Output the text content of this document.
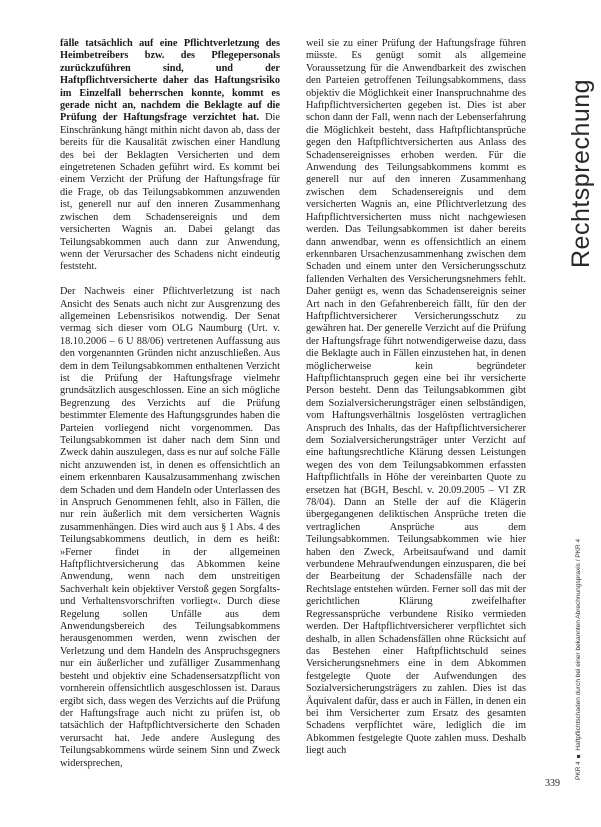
Rechtsprechung

fälle tatsächlich auf eine Pflichtverletzung des Heimbetreibers bzw. des Pflegepersonals zurückzuführen sind, und der Haftpflichtversicherte daher das Haftungsrisiko im Einzelfall beherrschen konnte, kommt es gerade nicht an, nachdem die Beklagte auf die Prüfung der Haftungsfrage verzichtet hat. Die Einschränkung hängt mithin nicht davon ab, dass der bereits für die Kausalität zwischen einer Handlung des bei der Beklagten Versicherten und dem eingetretenen Schaden geführt wird. Es kommt bei einem Verzicht der Prüfung der Haftungsfrage für die Frage, ob das Teilungsabkommen anzuwenden ist, generell nur auf den inneren Zusammenhang zwischen dem Schadensereignis und dem versicherten Wagnis an. Dabei gelangt das Teilungsabkommen auch dann zur Anwendung, wenn der Verursacher des Schadens nicht eindeutig feststeht.

Der Nachweis einer Pflichtverletzung ist nach Ansicht des Senats auch nicht zur Ausgrenzung des allgemeinen Lebensrisikos notwendig. Der Senat vermag sich dieser vom OLG Naumburg (Urt. v. 18.10.2006 – 6 U 88/06) vertretenen Auffassung aus den vorgenannten Gründen nicht anzuschließen. Aus dem in dem Teilungsabkommen enthaltenen Verzicht ist die Prüfung der Haftungsfrage vielmehr grundsätzlich ausgeschlossen. Eine an sich mögliche Begrenzung des Verzichts auf die Prüfung bestimmter Elemente des Haftungsgrundes haben die Parteien vorliegend nicht vorgenommen. Das Teilungsabkommen ist daher nach dem Sinn und Zweck dahin auszulegen, dass es nur auf solche Fälle nicht anzuwenden ist, in denen es offensichtlich an einem erkennbaren Kausalzusammenhang zwischen dem Schaden und dem Handeln oder Unterlassen des in Anspruch Genommenen fehlt, also in Fällen, die nur rein äußerlich mit dem versicherten Wagnis zusammenhängen. Dies wird auch aus § 1 Abs. 4 des Teilungsabkommens deutlich, in dem es heißt: »Ferner findet in der allgemeinen Haftpflichtversicherung das Abkommen keine Anwendung, wenn nach dem unstreitigen Sachverhalt kein objektiver Verstoß gegen Sorgfalts- und Verhaltensvorschriften vorliegt«. Durch diese Regelung sollen Unfälle aus dem Anwendungsbereich des Teilungsabkommens herausgenommen werden, wenn zwischen der Verletzung und dem Handeln des Anspruchsgegners nur ein äußerlicher und zufälliger Zusammenhang besteht und objektiv eine Schadensersatzpflicht von vornherein offensichtlich ausgeschlossen ist. Daraus ergibt sich, dass wegen des Verzichts auf die Prüfung der Haftungsfrage auch nicht zu prüfen ist, ob tatsächlich der Haftpflichtversicherte den Schaden verursacht hat. Jede andere Auslegung des Teilungsabkommens würde seinem Sinn und Zweck widersprechen,

weil sie zu einer Prüfung der Haftungsfrage führen müsste. Es genügt somit als allgemeine Voraussetzung für die Anwendbarkeit des zwischen den Parteien getroffenen Teilungsabkommens, dass objektiv die Möglichkeit einer Inanspruchnahme des Haftpflichtversicherten gegeben ist. Dies ist aber schon dann der Fall, wenn nach der Lebenserfahrung die Möglichkeit besteht, dass Haftpflichtansprüche gegen den Haftpflichtversicherten aus Anlass des Schadensereignisses erhoben werden. Für die Anwendung des Teilungsabkommens kommt es generell nur auf den inneren Zusammenhang zwischen dem Schadensereignis und dem versicherten Wagnis an, eine Pflichtverletzung des Haftpflichtversicherten muss nicht nachgewiesen werden. Das Teilungsabkommen ist daher bereits dann anwendbar, wenn es offensichtlich an einem erkennbaren Ursachenzusammenhang zwischen dem Schaden und einem unter den Versicherungsschutz fallenden Verhalten des Versicherungsnehmers fehlt. Daher genügt es, wenn das Schadensereignis seiner Art nach in den Gefahrenbereich fällt, für den der Haftpflichtversicherer Versicherungsschutz zu gewähren hat. Der generelle Verzicht auf die Prüfung der Haftungsfrage führt notwendigerweise dazu, dass die Beklagte auch in Fällen einzustehen hat, in denen möglicherweise kein begründeter Haftpflichtanspruch gegen eine bei ihr versicherte Person besteht. Denn das Teilungsabkommen gibt dem Sozialversicherungsträger einen selbständigen, vom Haftungsverhältnis losgelösten vertraglichen Anspruch des Inhalts, das der Haftpflichtversicherer dem Sozialversicherungsträger unter Verzicht auf eine haftungsrechtliche Klärung dessen Leistungen wegen des von dem Teilungsabkommen erfassten Haftpflichtfalls in Höhe der vereinbarten Quote zu ersetzen hat (BGH, Beschl. v. 20.09.2005 – VI ZR 78/04). Dann an Stelle der auf die Klägerin übergegangenen deliktischen Ansprüche treten die vertraglichen Ansprüche aus dem Teilungsabkommen. Teilungsabkommen wie hier haben den Zweck, Arbeitsaufwand und damit verbundene Mehraufwendungen einzusparen, die bei der Bearbeitung der Schadensfälle nach der Rechtslage entstehen würden. Ferner soll das mit der gerichtlichen Klärung zweifelhafter Regressansprüche verbundene Risiko vermieden werden. Der Haftpflichtversicherer verpflichtet sich deshalb, in allen Schadensfällen ohne Rücksicht auf das Bestehen einer Haftpflichtschuld seines Versicherungsnehmers eine in dem Abkommen festgelegte Quote der Aufwendungen des Sozialversicherungsträgers zu zahlen. Dies ist das Äquivalent dafür, dass er auch in Fällen, in denen ein bei ihm Versicherter zum Ersatz des gesamten Schadens verpflichtet wäre, lediglich die im Abkommen festgelegte Quote zahlen muss. Deshalb liegt auch	PKR 4 ■ Haftpflichtschaden durch bei einer bekannten Abrechnungspraxis / PKR 4
339
